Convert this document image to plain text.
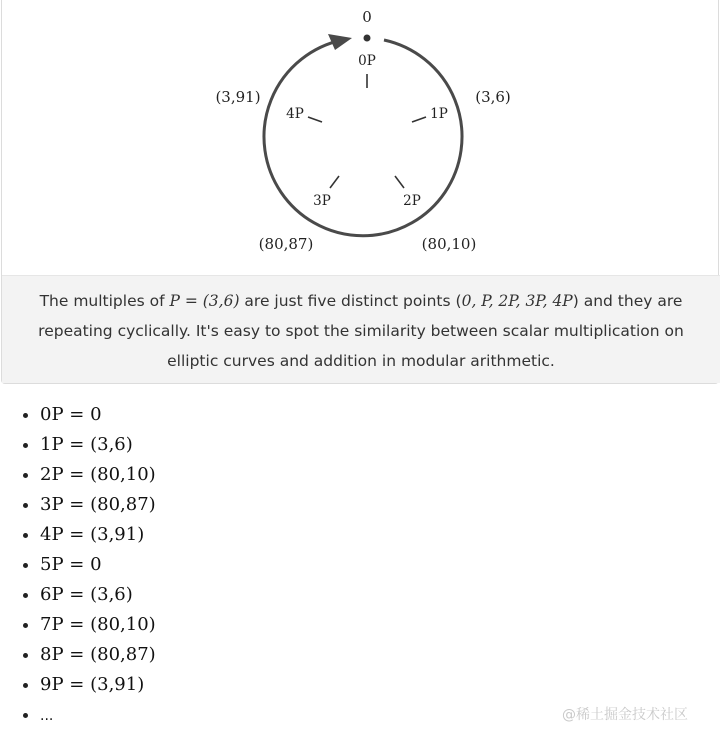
0
0P
1P
2P
3P
4P
(3,6)
(80,10)
(80,87)
(3,91)
The multiples of P = (3,6) are just five distinct points (0, P, 2P, 3P, 4P) and they are repeating cyclically. It's easy to spot the similarity between scalar multiplication on elliptic curves and addition in modular arithmetic.
0P = 0
1P = (3,6)
2P = (80,10)
3P = (80,87)
4P = (3,91)
5P = 0
6P = (3,6)
7P = (80,10)
8P = (80,87)
9P = (3,91)
...	@稀土掘金技术社区
